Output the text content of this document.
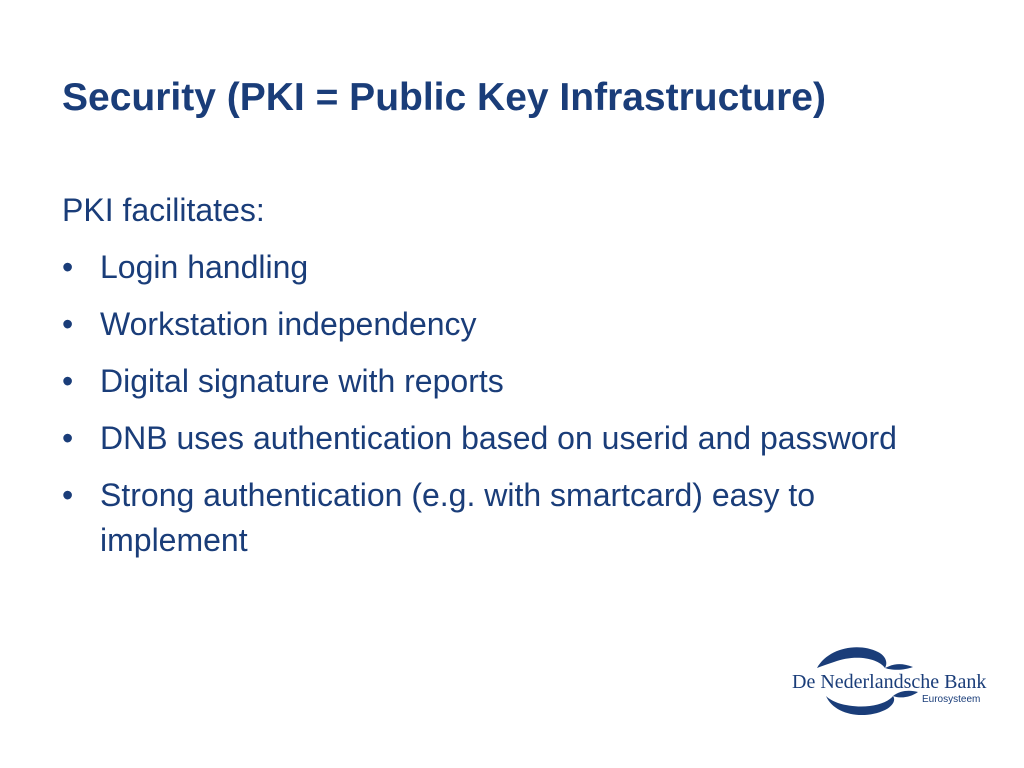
Security (PKI = Public Key Infrastructure)

PKI facilitates:

• Login handling
• Workstation independency
• Digital signature with reports
• DNB uses authentication based on userid and password
• Strong authentication (e.g. with smartcard) easy to implement
De Nederlandsche Bank
Eurosysteem
